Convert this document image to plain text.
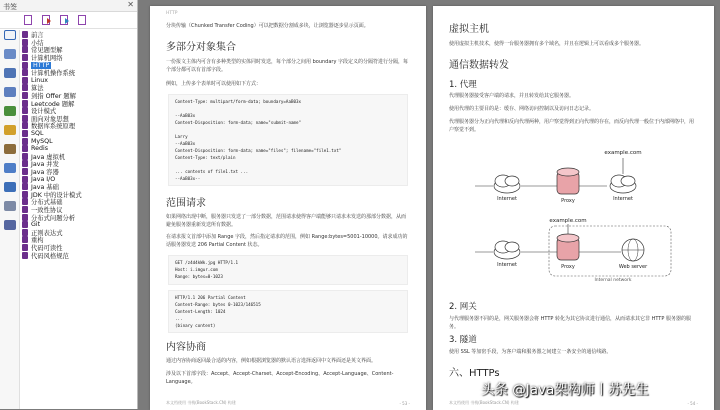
书签	✕
前言
小结
常见题型解
计算机网络
HTTP
计算机操作系统
Linux
算法
剑指 Offer 题解
Leetcode 题解
设计模式
面向对象思想
数据库系统原理
SQL
MySQL
Redis
Java 虚拟机
Java 并发
Java 容器
Java I/O
Java 基础
JDK 中的设计模式
分布式基础
一致性协议
分布式问题分析
Git
正则表达式
重构
代码可读性
代码风格规范
HTTP
分块传输（Chunked Transfer Coding）可以把数据分割成多块，让浏览器逐步显示页面。
多部分对象集合
一份报文主体内可含有多种类型的实体同时发送，每个部分之间用 boundary 字段定义的分隔符进行分隔，每个部分都可以有首部字段。
例如，上传多个表单时可以使用如下方式：
Content-Type: multipart/form-data; boundary=AaB03x

--AaB03x
Content-Disposition: form-data; name="submit-name"

Larry
--AaB03x
Content-Disposition: form-data; name="files"; filename="file1.txt"
Content-Type: text/plain

... contents of file1.txt ...
--AaB03x--
范围请求
如果网络出现中断，服务器只发送了一部分数据，范围请求使得客户端能够只请求未发送的那部分数据，从而避免服务器重新发送所有数据。
在请求报文首部中添加 Range 字段，然后指定请求的范围，例如 Range:bytes=5001-10000。请求成功的话服务器发送 206 Partial Content 状态。
GET /z4d4kWk.jpg HTTP/1.1
Host: i.imgur.com
Range: bytes=0-1023
HTTP/1.1 206 Partial Content
Content-Range: bytes 0-1023/146515
Content-Length: 1024
...
(binary content)
内容协商
通过内容协商返回最合适的内容，例如根据浏览器的默认语言选择返回中文界面还是英文界面。
涉及以下首部字段：Accept、Accept-Charset、Accept-Encoding、Accept-Language、Content-Language。
本文档使用 书栈(BookStack.CN) 构建	- 53 -
虚拟主机
使用虚拟主机技术，使得一台服务器拥有多个域名，并且在逻辑上可以看成多个服务器。
通信数据转发
1. 代理
代理服务器接受客户端的请求，并且转发给其它服务器。
使用代理的主要目的是：缓存、网络访问控制以及访问日志记录。
代理服务器分为正向代理和反向代理两种，用户察觉得到正向代理的存在，而反向代理一般位于内部网络中，用户察觉不到。
example.com
Internet	Proxy	Internet
example.com
Internet	Proxy	Web server
Internal network
2. 网关
与代理服务器不同的是，网关服务器会将 HTTP 转化为其它协议进行通信，从而请求其它非 HTTP 服务器的服务。
3. 隧道
使用 SSL 等加密手段，为客户端和服务器之间建立一条安全的通信线路。
六、HTTPs
本文档使用 书栈(BookStack.CN) 构建	- 54 -
头条 @Java架构师丨苏先生
